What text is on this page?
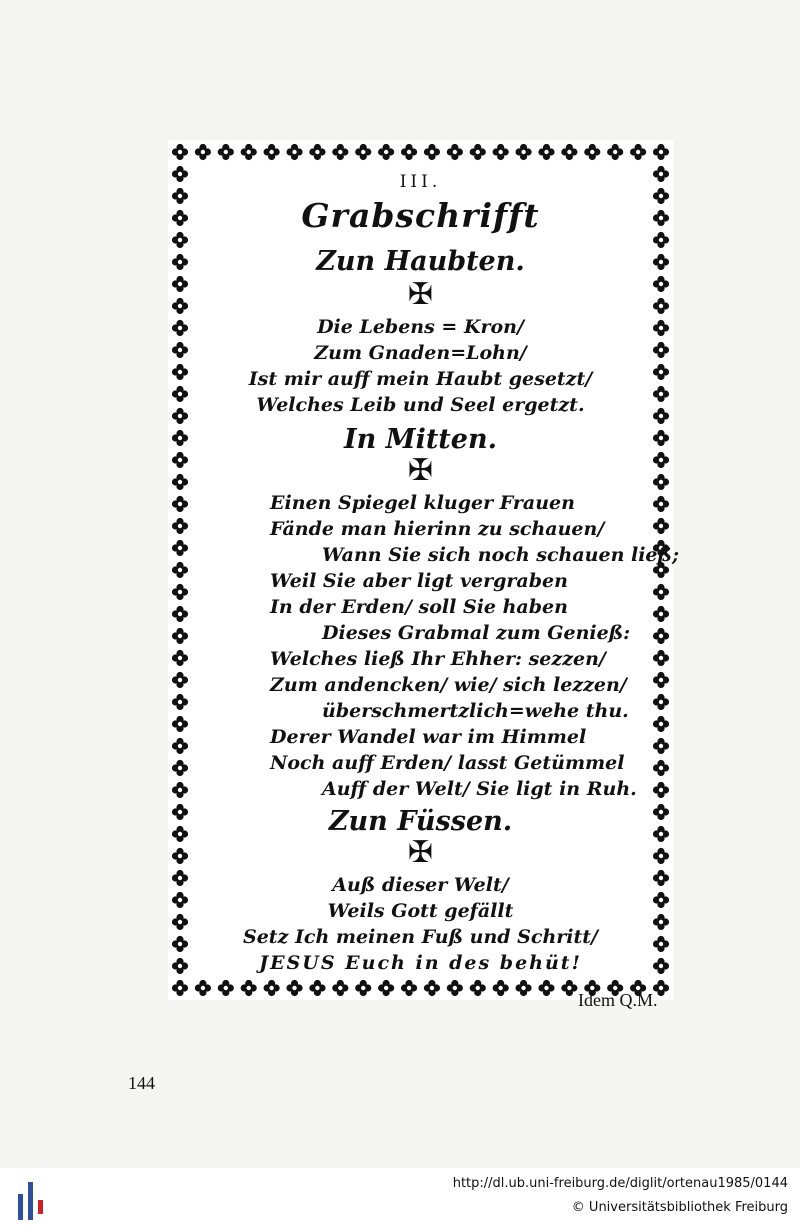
III.
Grabschrifft
Zun Haubten.
✠
Die Lebens = Kron/
Zum Gnaden=Lohn/
Ist mir auff mein Haubt gesetzt/
Welches Leib und Seel ergetzt.
In Mitten.
✠
Einen Spiegel kluger Frauen
Fände man hierinn zu schauen/
Wann Sie sich noch schauen ließ;
Weil Sie aber ligt vergraben
In der Erden/ soll Sie haben
Dieses Grabmal zum Genieß:
Welches ließ Ihr Ehher: sezzen/
Zum andencken/ wie/ sich lezzen/
überschmertzlich=wehe thu.
Derer Wandel war im Himmel
Noch auff Erden/ lasst Getümmel
Auff der Welt/ Sie ligt in Ruh.
Zun Füssen.
✠
Auß dieser Welt/
Weils Gott gefällt
Setz Ich meinen Fuß und Schritt/
JESUS Euch in des behüt!
Idem Q.M.
144
http://dl.ub.uni-freiburg.de/diglit/ortenau1985/0144
© Universitätsbibliothek Freiburg
